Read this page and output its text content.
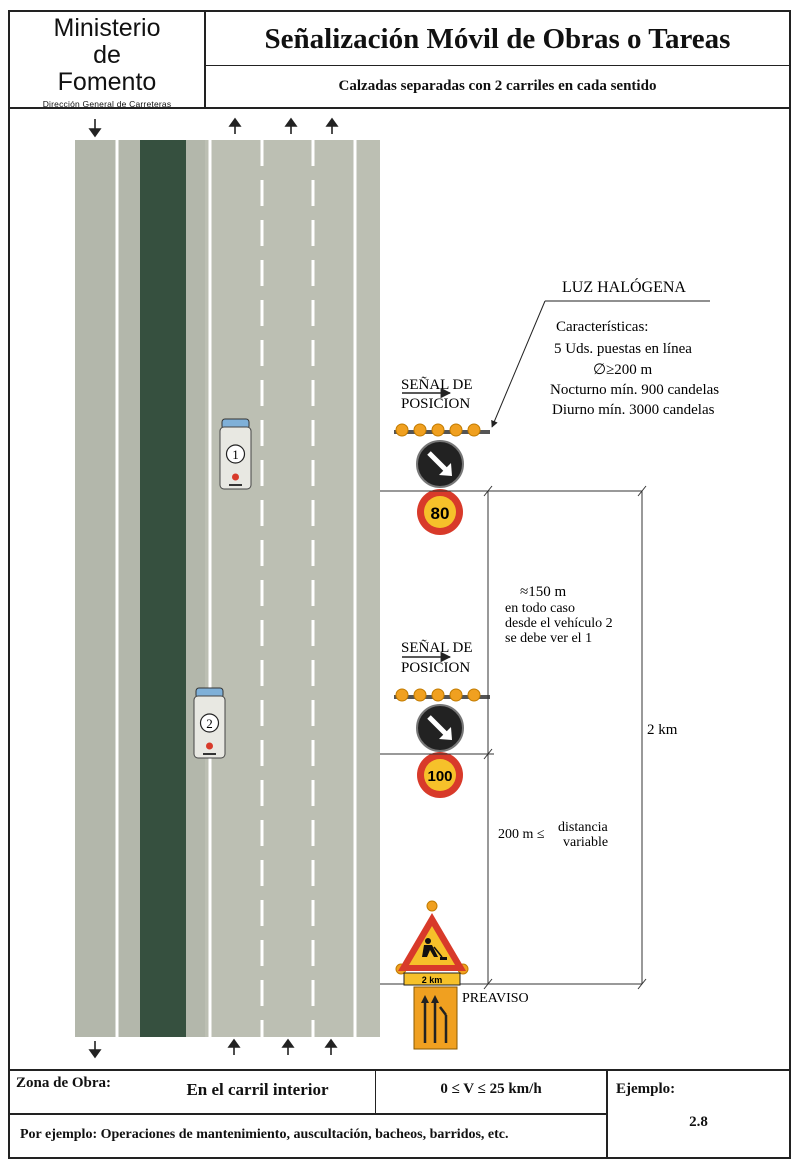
Ministerio
de
Fomento
Dirección General de Carreteras
Señalización Móvil de Obras o Tareas
Calzadas separadas con 2 carriles en cada sentido
1
2
LUZ HALÓGENA
Características:
5 Uds. puestas en línea
∅≥200 m
Nocturno mín. 900 candelas
Diurno mín. 3000 candelas
SEÑAL DE
POSICION
80
SEÑAL DE
POSICION
100
≈150 m
en todo caso
desde el vehículo 2
se debe ver el 1
2 km
200 m ≤ distancia
variable
2 km
PREAVISO
Zona de Obra:	En el carril interior	0 ≤ V ≤ 25 km/h	Ejemplo:
2.8
Por ejemplo: Operaciones de mantenimiento, auscultación, bacheos, barridos, etc.
